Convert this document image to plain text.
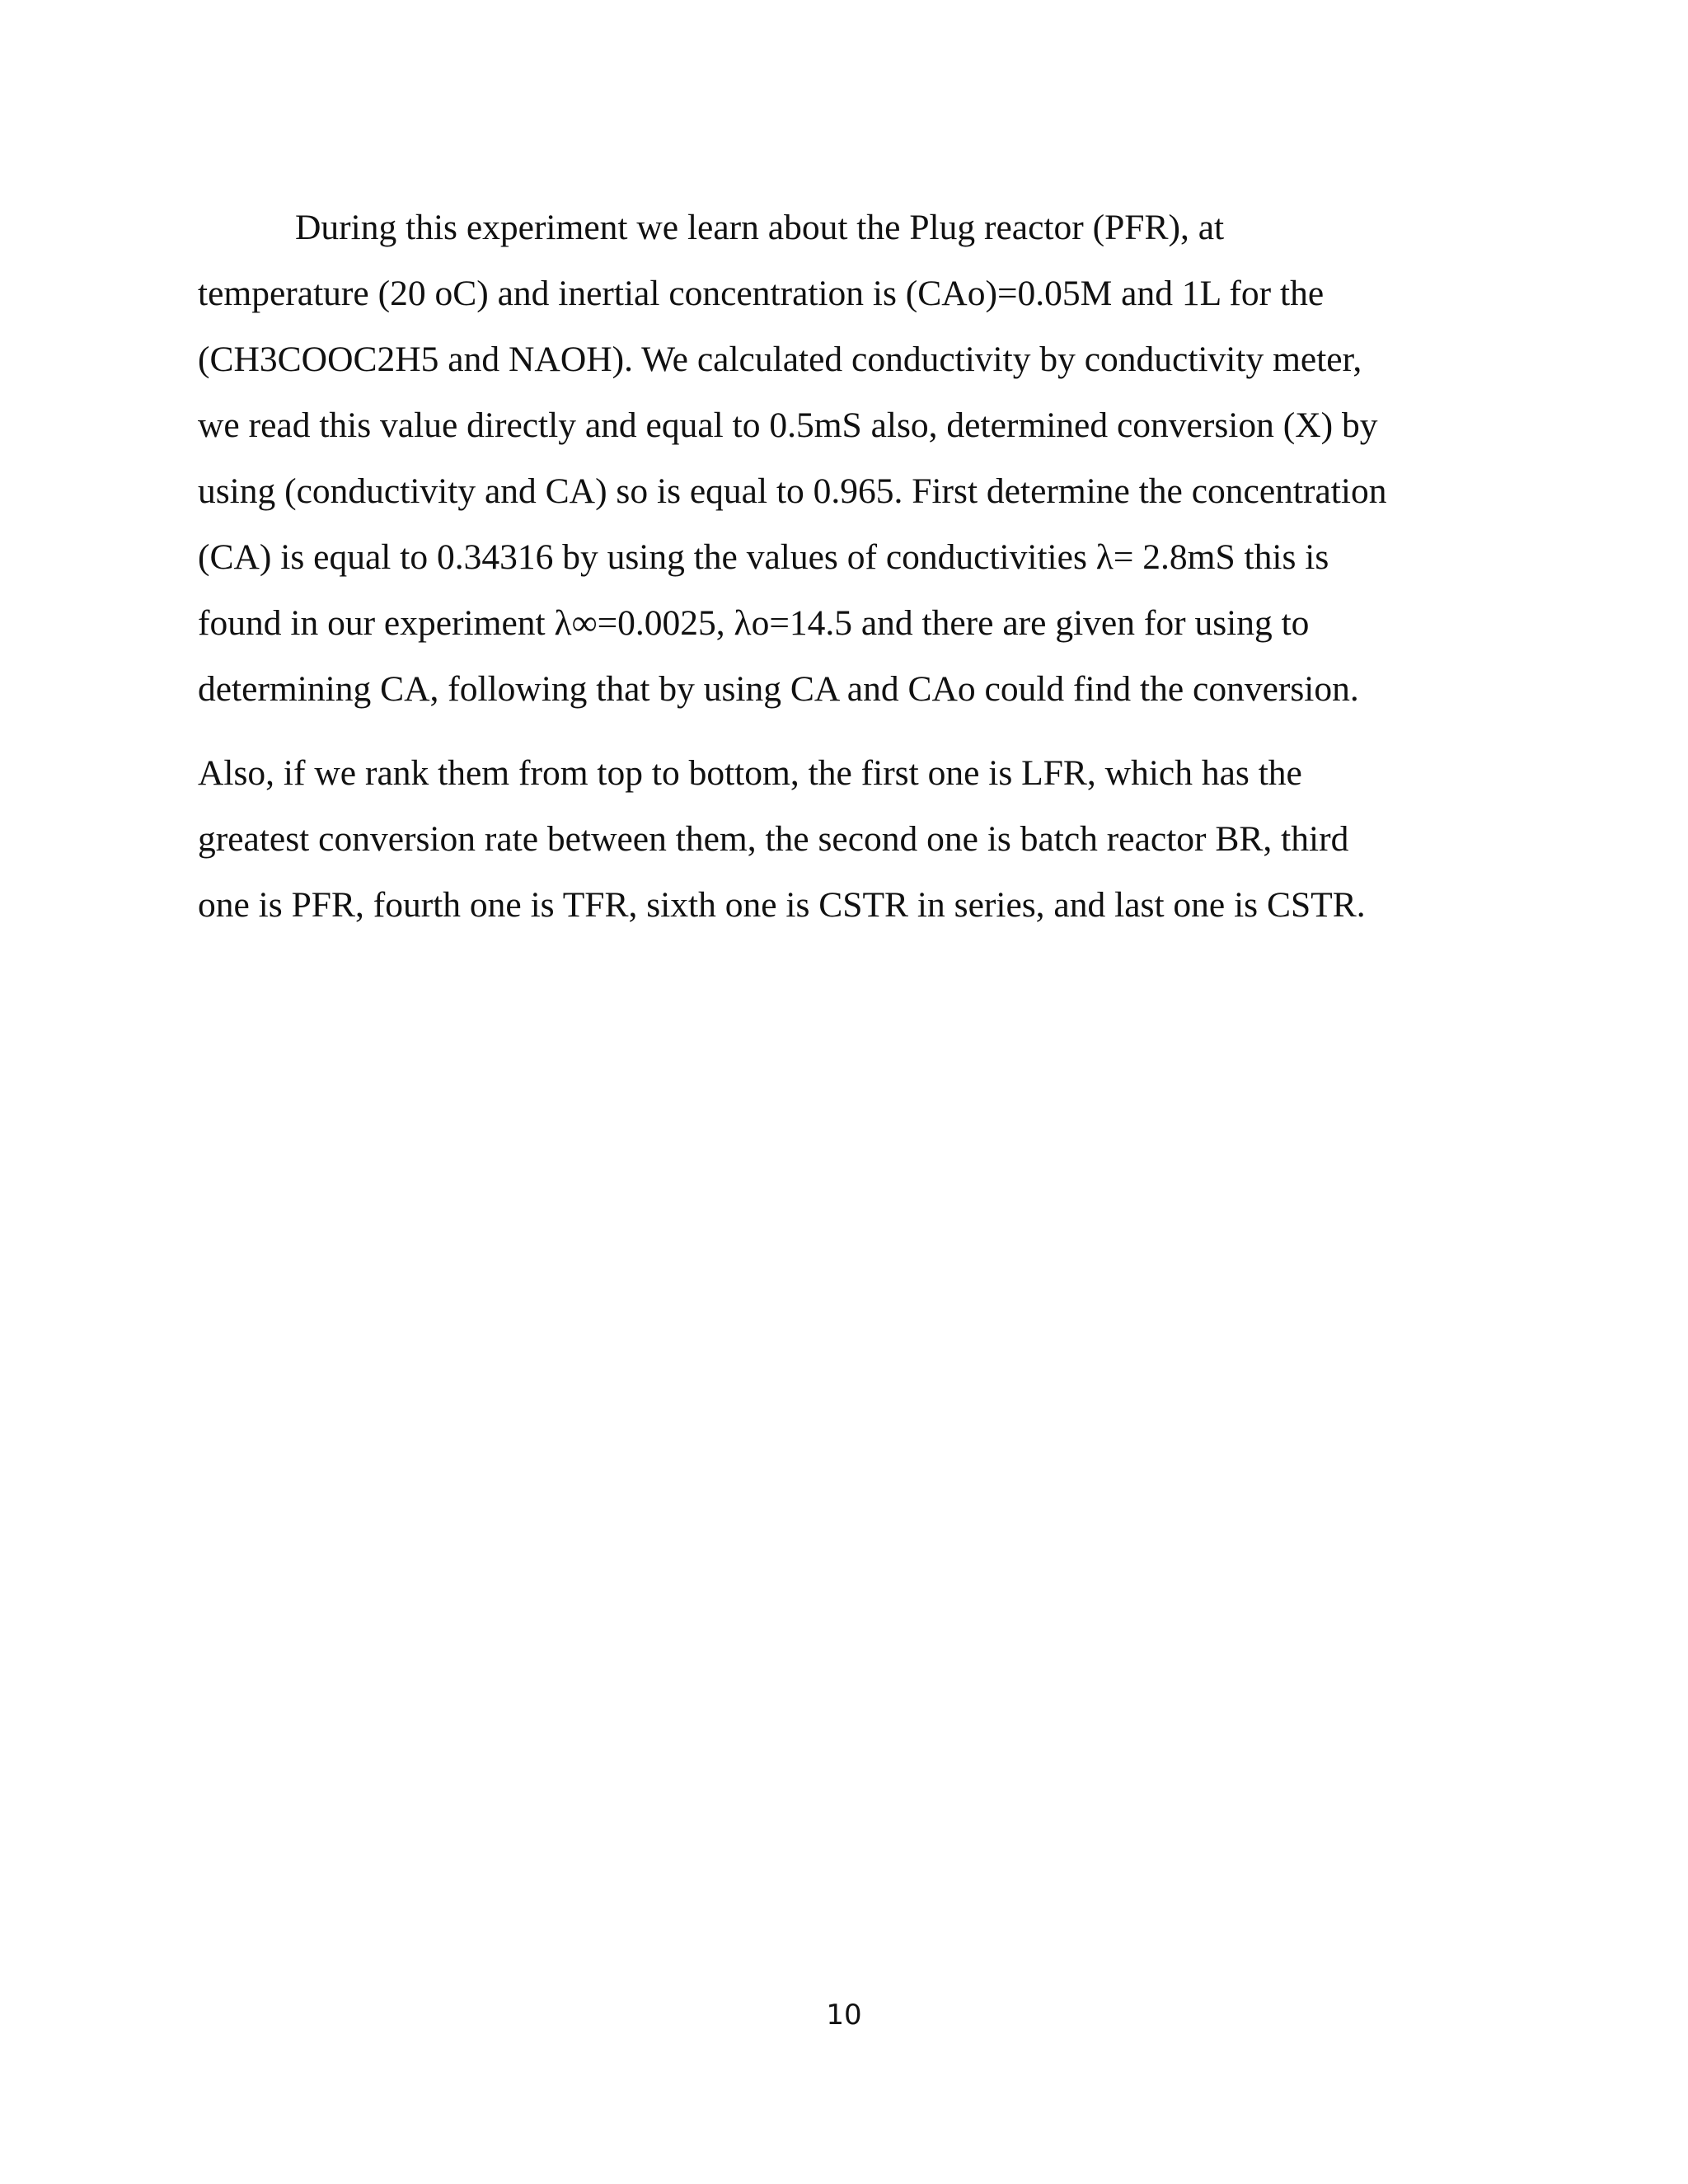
During this experiment we learn about the Plug reactor (PFR), at
temperature (20 oC) and inertial concentration is (CAo)=0.05M and 1L for the
(CH3COOC2H5 and NAOH). We calculated conductivity by conductivity meter,
we read this value directly and equal to 0.5mS also, determined conversion (X) by
using (conductivity and CA) so is equal to 0.965. First determine the concentration
(CA) is equal to 0.34316 by using the values of conductivities λ= 2.8mS this is
found in our experiment λ∞=0.0025, λo=14.5 and there are given for using to
determining CA, following that by using CA and CAo could find the conversion.

Also, if we rank them from top to bottom, the first one is LFR, which has the
greatest conversion rate between them, the second one is batch reactor BR, third
one is PFR, fourth one is TFR, sixth one is CSTR in series, and last one is CSTR.

10
